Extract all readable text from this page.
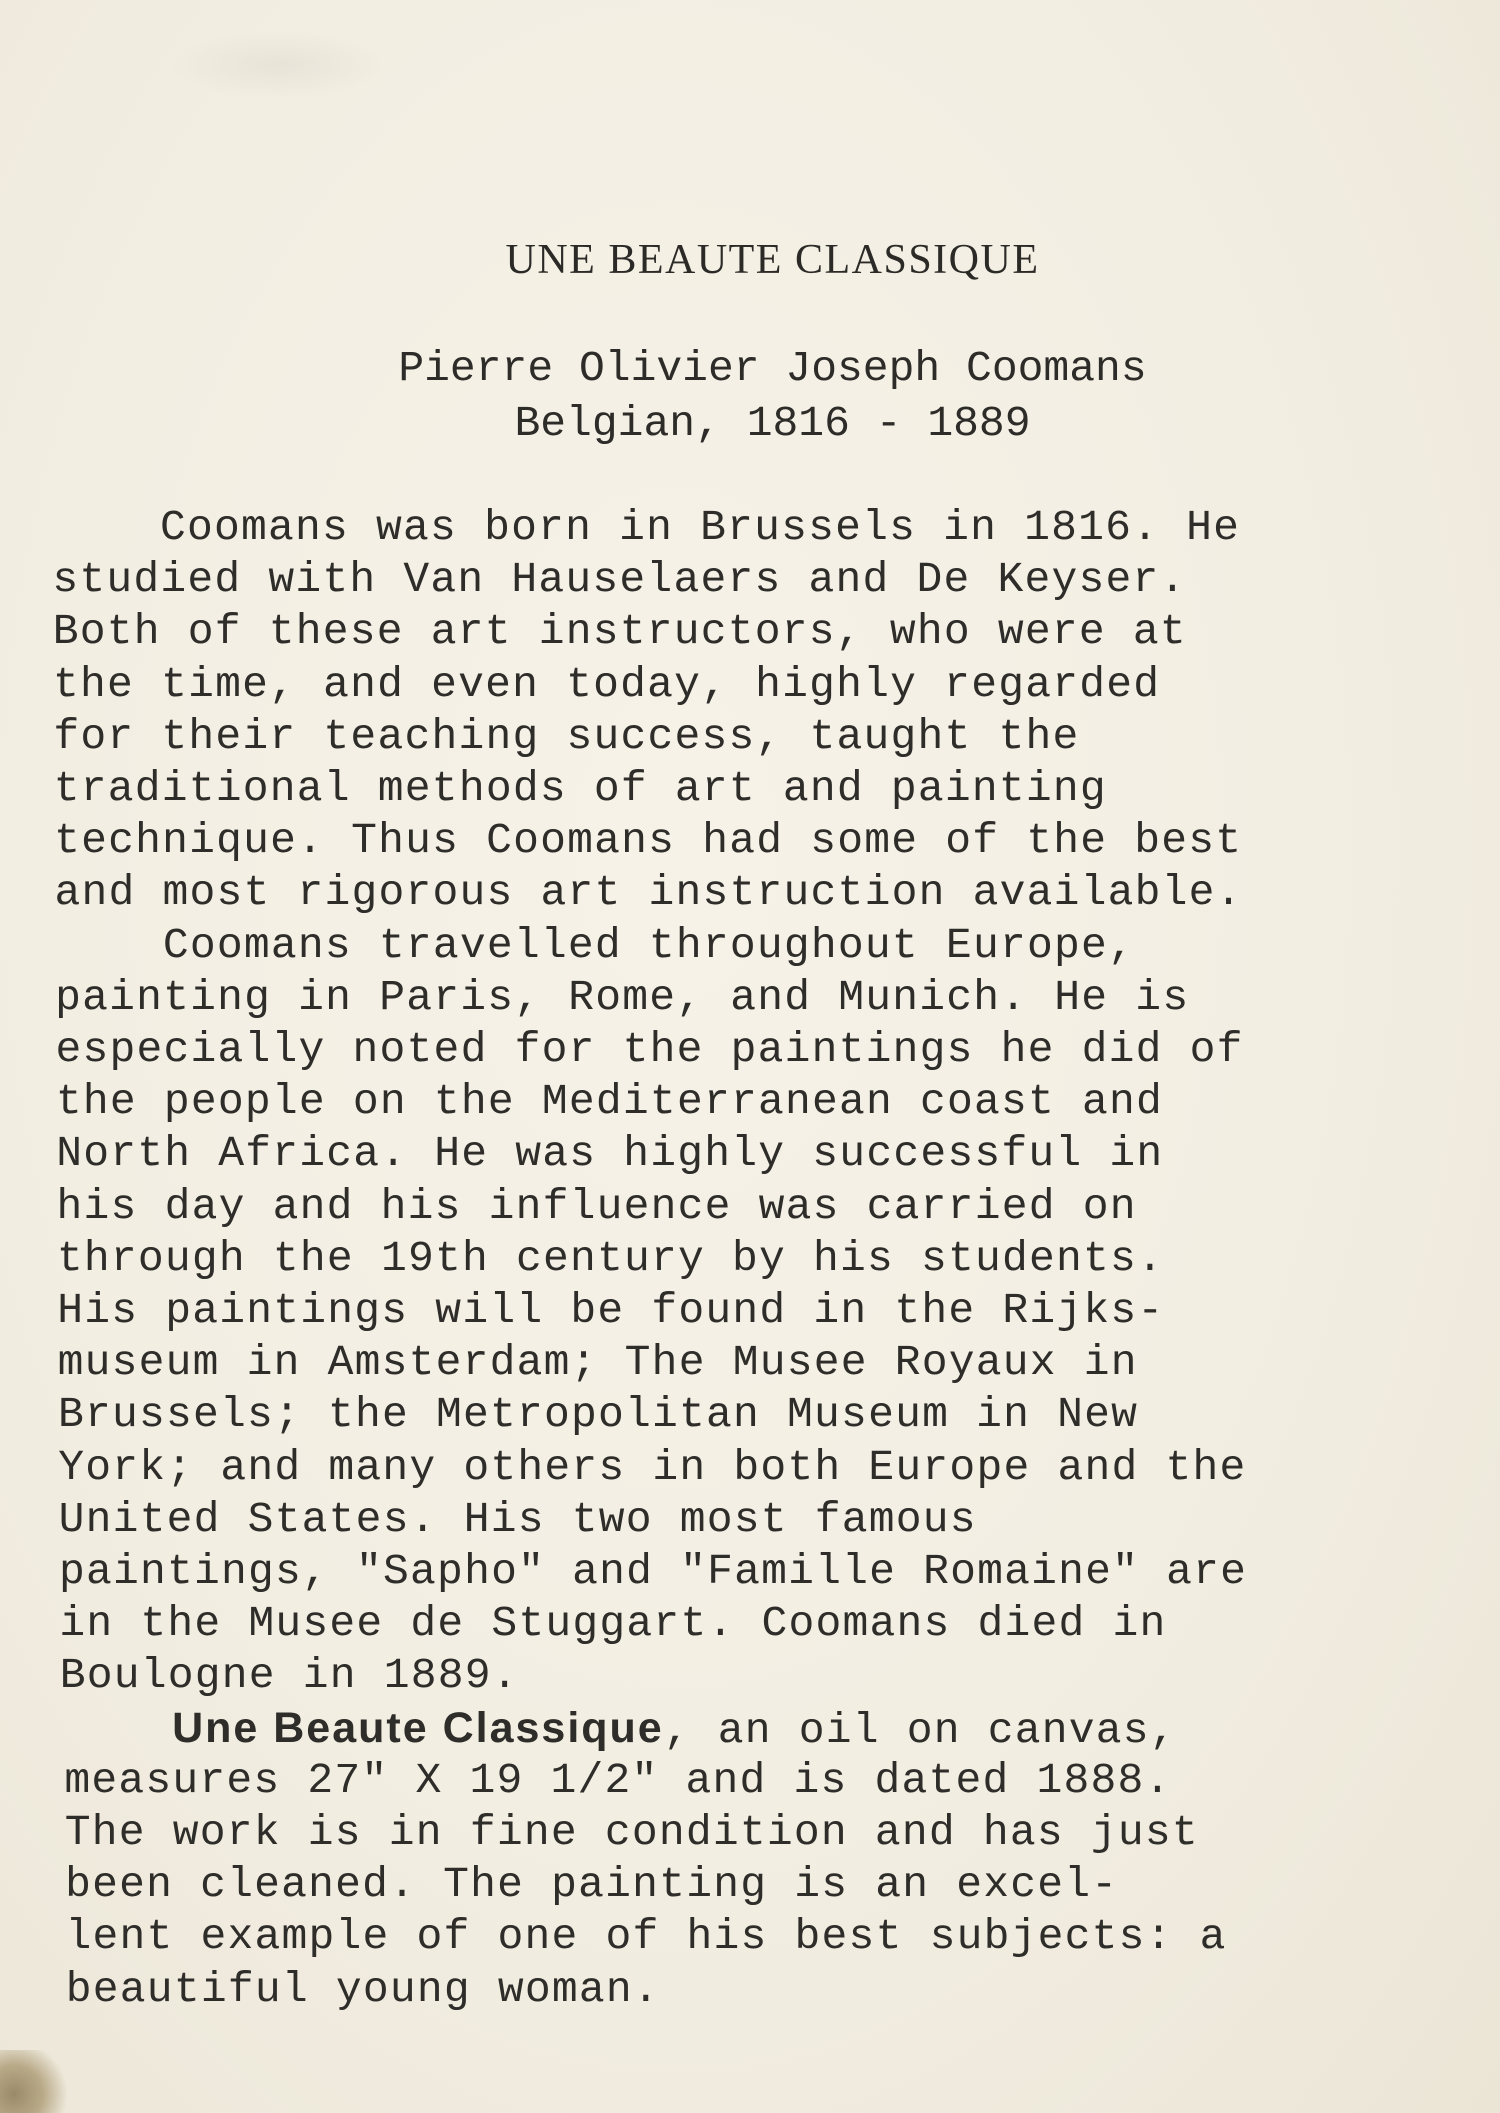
UNE BEAUTE CLASSIQUE
Pierre Olivier Joseph Coomans
Belgian, 1816 - 1889
Coomans was born in Brussels in 1816. He
studied with Van Hauselaers and De Keyser.
Both of these art instructors, who were at
the time, and even today, highly regarded
for their teaching success, taught the
traditional methods of art and painting
technique. Thus Coomans had some of the best
and most rigorous art instruction available.
Coomans travelled throughout Europe,
painting in Paris, Rome, and Munich. He is
especially noted for the paintings he did of
the people on the Mediterranean coast and
North Africa. He was highly successful in
his day and his influence was carried on
through the 19th century by his students.
His paintings will be found in the Rijks-
museum in Amsterdam; The Musee Royaux in
Brussels; the Metropolitan Museum in New
York; and many others in both Europe and the
United States. His two most famous
paintings, "Sapho" and "Famille Romaine" are
in the Musee de Stuggart. Coomans died in
Boulogne in 1889.
Une Beaute Classique, an oil on canvas,
measures 27" X 19 1/2" and is dated 1888.
The work is in fine condition and has just
been cleaned. The painting is an excel-
lent example of one of his best subjects: a
beautiful young woman.
